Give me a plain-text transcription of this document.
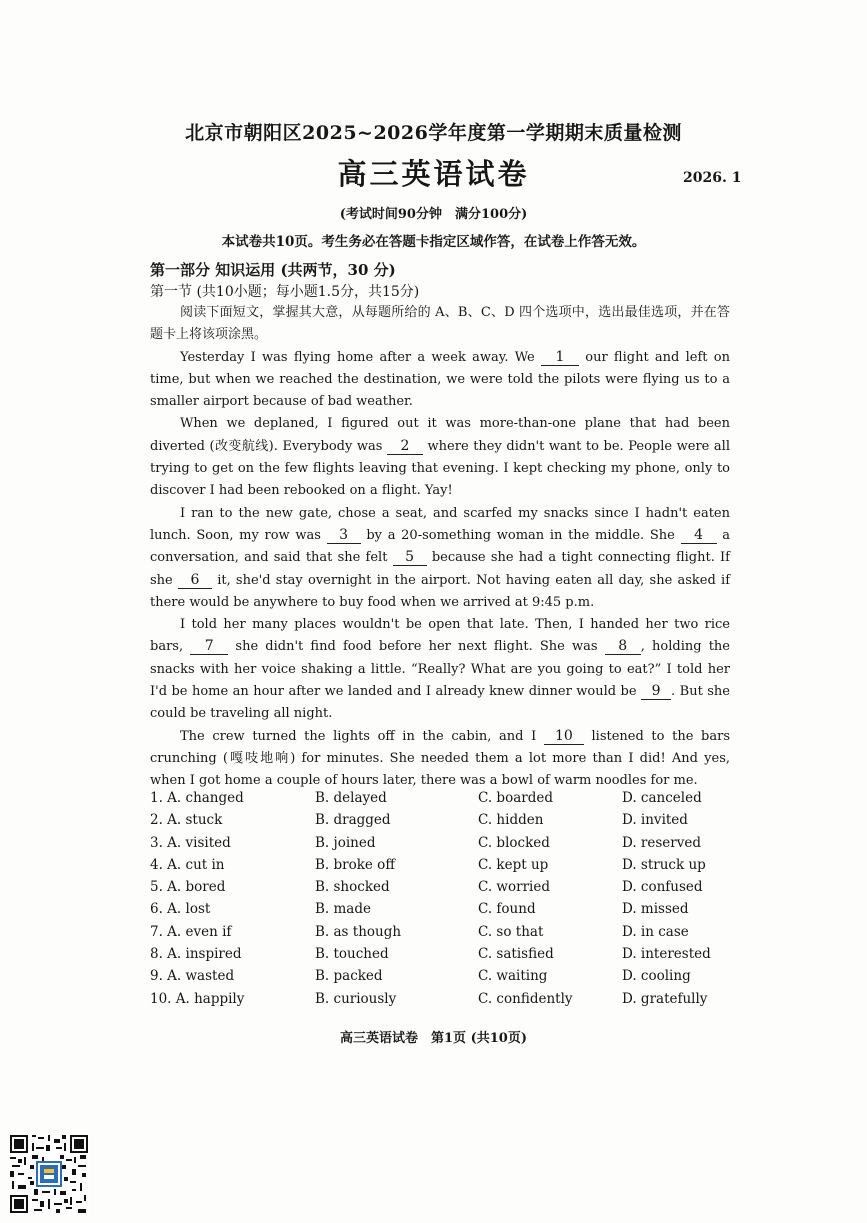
北京市朝阳区2025~2026学年度第一学期期末质量检测
高三英语试卷	2026. 1
(考试时间90分钟　满分100分)
本试卷共10页。考生务必在答题卡指定区域作答，在试卷上作答无效。
第一部分 知识运用 (共两节，30 分)
第一节 (共10小题；每小题1.5分，共15分)

阅读下面短文，掌握其大意，从每题所给的 A、B、C、D 四个选项中，选出最佳选项，并在答题卡上将该项涂黑。

Yesterday I was flying home after a week away. We 1 our flight and left on time, but when we reached the destination, we were told the pilots were flying us to a smaller airport because of bad weather.

When we deplaned, I figured out it was more-than-one plane that had been diverted (改变航线). Everybody was 2 where they didn't want to be. People were all trying to get on the few flights leaving that evening. I kept checking my phone, only to discover I had been rebooked on a flight. Yay!

I ran to the new gate, chose a seat, and scarfed my snacks since I hadn't eaten lunch. Soon, my row was 3 by a 20-something woman in the middle. She 4 a conversation, and said that she felt 5 because she had a tight connecting flight. If she 6 it, she'd stay overnight in the airport. Not having eaten all day, she asked if there would be anywhere to buy food when we arrived at 9:45 p.m.

I told her many places wouldn't be open that late. Then, I handed her two rice bars, 7 she didn't find food before her next flight. She was 8 , holding the snacks with her voice shaking a little. “Really? What are you going to eat?” I told her I'd be home an hour after we landed and I already knew dinner would be 9 . But she could be traveling all night.

The crew turned the lights off in the cabin, and I 10 listened to the bars crunching (嘎吱地响) for minutes. She needed them a lot more than I did! And yes, when I got home a couple of hours later, there was a bowl of warm noodles for me.

1. A. changed	B. delayed	C. boarded	D. canceled
2. A. stuck	B. dragged	C. hidden	D. invited
3. A. visited	B. joined	C. blocked	D. reserved
4. A. cut in	B. broke off	C. kept up	D. struck up
5. A. bored	B. shocked	C. worried	D. confused
6. A. lost	B. made	C. found	D. missed
7. A. even if	B. as though	C. so that	D. in case
8. A. inspired	B. touched	C. satisfied	D. interested
9. A. wasted	B. packed	C. waiting	D. cooling
10. A. happily	B. curiously	C. confidently	D. gratefully
高三英语试卷　第1页 (共10页)
